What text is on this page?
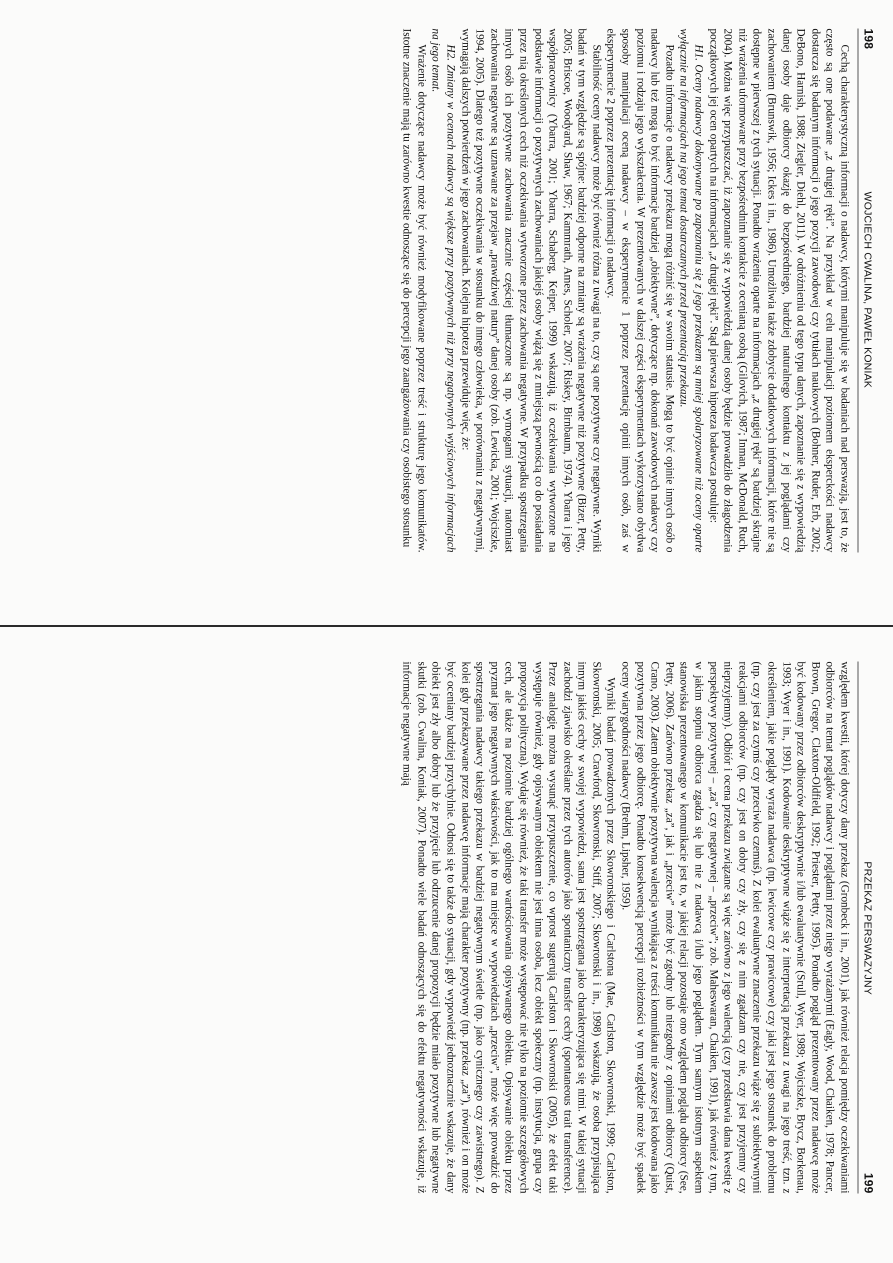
198
WOJCIECH CWALINA, PAWEŁ KONIAK

Cechą charakterystyczną informacji o nadawcy, którymi manipuluje się w badaniach nad perswazją, jest to, że często są one podawane „z drugiej ręki”. Na przykład w celu manipulacji poziomem eksperckości nadawcy dostarcza się badanym informacji o jego pozycji zawodowej czy tytułach naukowych (Bohner, Ruder, Erb, 2002; DeBono, Harnish, 1988; Ziegler, Diehl, 2011). W odróżnieniu od tego typu danych, zapoznanie się z wypowiedzią danej osoby daje odbiorcy okazję do bezpośredniego, bardziej naturalnego kontaktu z jej poglądami czy zachowaniem (Brunswik, 1956; Ickes i in., 1986). Umożliwia także zdobycie dodatkowych informacji, które nie są dostępne w pierwszej z tych sytuacji. Ponadto wrażenia oparte na informacjach „z drugiej ręki” są bardziej skrajne niż wrażenia uformowane przy bezpośrednim kontakcie z ocenianą osobą (Gilovich, 1987; Inman, McDonald, Ruch, 2004). Można więc przypuszczać, iż zapoznanie się z wypowiedzią danej osoby będzie prowadziło do złagodzenia początkowych jej ocen opartych na informacjach „z drugiej ręki”. Stąd pierwsza hipoteza badawcza postuluje:

H1. Oceny nadawcy dokonywane po zapoznaniu się z jego przekazem są mniej spolaryzowane niż oceny oparte wyłącznie na informacjach na jego temat dostarczanych przed prezentacją przekazu.

Pozadto informacje o nadawcy przekazu mogą różnić się w swoim statusie. Mogą to być opinie innych osób o nadawcy lub też mogą to być informacje bardziej „obiektywne”, dotyczące np. dokonań zawodowych nadawcy czy poziomu i rodzaju jego wykształcenia. W prezentowanych w dalszej części eksperymentach wykorzystano obydwa sposoby manipulacji oceną nadawcy – w eksperymencie 1 poprzez prezentację opinii innych osób, zaś w eksperymencie 2 poprzez prezentację informacji o nadawcy.

Stabilność oceny nadawcy może być również różna z uwagi na to, czy są one pozytywne czy negatywne. Wyniki badań w tym względzie są spójne: bardziej odporne na zmiany są wrażenia negatywne niż pozytywne (Bizer, Petty, 2005; Briscoe, Woodyard, Shaw, 1967; Kammrath, Ames, Scholer, 2007; Riskey, Birnbaum, 1974). Ybarra i jego współpracownicy (Ybarra, 2001; Ybarra, Schaberg, Keiper, 1999) wskazują, iż oczekiwania wytworzone na podstawie informacji o pozytywnych zachowaniach jakiejś osoby wiążą się z mniejszą pewnością co do posiadania przez nią określonych cech niż oczekiwania wytworzone przez zachowania negatywne. W przypadku spostrzegania innych osób ich pozytywne zachowania znacznie częściej tłumaczone są np. wymogami sytuacji, natomiast zachowania negatywne są uznawane za przejaw „prawdziwej natury” danej osoby (zob. Lewicka, 2001; Wojciszke, 1994, 2005). Dlatego też pozytywne oczekiwania w stosunku do innego człowieka, w porównaniu z negatywnymi, wymagają dalszych potwierdzeń w jego zachowaniach. Kolejna hipoteza przewiduje więc, że:

H2. Zmiany w ocenach nadawcy są większe przy pozytywnych niż przy negatywnych wyjściowych informacjach na jego temat.

Wrażenie dotyczące nadawcy może być również modyfikowane poprzez treść i strukturę jego komunikatów. Istotne znaczenie mają tu zarówno kwestie odnoszące się do percepcji jego zaangażowania czy osobistego stosunku

PRZEKAZ PERSWAZYJNY
199

względem kwestii, której dotyczy dany przekaz (Gronbeck i in., 2001), jak również relacja pomiędzy oczekiwaniami odbiorców na temat poglądów nadawcy i poglądami przez niego wyrażanymi (Eagly, Wood, Chaiken, 1978; Pancer, Brown, Gregor, Claxton-Oldfield, 1992; Priester, Petty, 1995). Ponadto pogląd prezentowany przez nadawcę może być kodowany przez odbiorców deskryptywnie i/lub ewaluatywnie (Srull, Wyer, 1989; Wojciszke, Brycz, Borkenau, 1993; Wyer i in., 1991). Kodowanie deskryptywne wiąże się z interpretacją przekazu z uwagi na jego treść, tzn. z określeniem, jakie poglądy wyraża nadawca (np. lewicowe czy prawicowe) czy jaki jest jego stosunek do problemu (np. czy jest za czymś czy przeciwko czemuś). Z kolei ewaluatywne znaczenie przekazu wiąże się z subiektywnymi reakcjami odbiorców (np. czy jest on dobry czy zły, czy się z nim zgadzam czy nie, czy jest przyjemny czy nieprzyjemny). Odbiór i ocena przekazu związane są więc zarówno z jego walencją (czy przedstawia dana kwestię z perspektywy pozytywnej – „za”, czy negatywnej – „przeciw”; zob. Maheswaran, Chaiken, 1991), jak również z tym, w jakim stopniu odbiorca zgadza się lub nie z nadawcą i/lub jego poglądem. Tym samym istotnym aspektem stanowiska prezentowanego w komunikacie jest to, w jakiej relacji pozostaje ono względem poglądu odbiorcy (See, Petty, 2006). Zarówno przekaz „za”, jak i „przeciw” może być zgodny lub niezgodny z opiniami odbiorcy (Quist, Crano, 2003). Zatem obiektywnie pozytywna walencja wynikająca z treści komunikatu nie zawsze jest kodowana jako pozytywna przez jego odbiorcę. Ponadto konsekwencją percepcji rozbieżności w tym względzie może być spadek oceny wiarygodności nadawcy (Brehm, Lipsher, 1959).

Wyniki badań prowadzonych przez Skowronskiego i Carlstona (Mae, Carlston, Skowronski, 1999; Carlston, Skowronski, 2005; Crawford, Skowronski, Stiff, 2007; Skowronski i in., 1998) wskazują, że osoba przypisująca innym jakieś cechy w swojej wypowiedzi, sama jest spostrzegana jako charakteryzująca się nimi. W takiej sytuacji zachodzi zjawisko określane przez tych autorów jako spontaniczny transfer cechy (spontaneous trait transference). Przez analogię można wysunąć przypuszczenie, co wprost sugerują Carlston i Skowronski (2005), że efekt taki występuje również, gdy opisywanym obiektem nie jest inna osoba, lecz obiekt społeczny (np. instytucja, grupa czy propozycja polityczna). Wydaje się również, że taki transfer może występować nie tylko na poziomie szczegółowych cech, ale także na poziomie bardziej ogólnego wartościowania opisywanego obiektu. Opisywanie obiektu przez pryzmat jego negatywnych właściwości, jak to ma miejsce w wypowiedziach „przeciw”, może więc prowadzić do spostrzegania nadawcy takiego przekazu w bardziej negatywnym świetle (np. jako cynicznego czy zawistnego). Z kolei gdy przekazywane przez nadawcę informacje mają charakter pozytywny (np. przekaz „za”), również i on może być oceniany bardziej przychylnie. Odnosi się to także do sytuacji, gdy wypowiedź jednoznacznie wskazuje, że dany obiekt jest zły albo dobry lub że przyjęcie lub odrzucenie danej propozycji będzie miało pozytywne lub negatywne skutki (zob. Cwalina, Koniak, 2007). Ponadto wiele badań odnoszących się do efektu negatywności wskazuje, iż informacje negatywne mają
